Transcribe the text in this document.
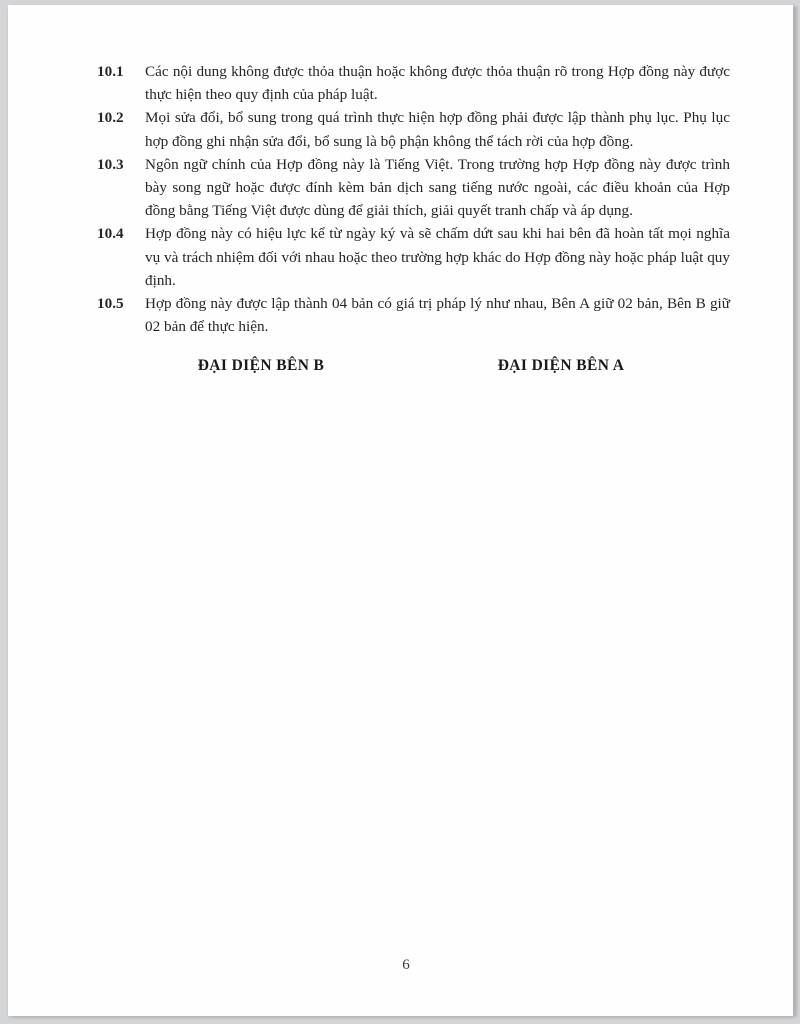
10.1	Các nội dung không được thỏa thuận hoặc không được thỏa thuận rõ trong Hợp đồng này được thực hiện theo quy định của pháp luật.
10.2	Mọi sửa đổi, bổ sung trong quá trình thực hiện hợp đồng phải được lập thành phụ lục. Phụ lục hợp đồng ghi nhận sửa đổi, bổ sung là bộ phận không thể tách rời của hợp đồng.
10.3	Ngôn ngữ chính của Hợp đồng này là Tiếng Việt. Trong trường hợp Hợp đồng này được trình bày song ngữ hoặc được đính kèm bản dịch sang tiếng nước ngoài, các điều khoản của Hợp đồng bằng Tiếng Việt được dùng để giải thích, giải quyết tranh chấp và áp dụng.
10.4	Hợp đồng này có hiệu lực kể từ ngày ký và sẽ chấm dứt sau khi hai bên đã hoàn tất mọi nghĩa vụ và trách nhiệm đối với nhau hoặc theo trường hợp khác do Hợp đồng này hoặc pháp luật quy định.
10.5	Hợp đồng này được lập thành 04 bản có giá trị pháp lý như nhau, Bên A giữ 02 bản, Bên B giữ 02 bản để thực hiện.
ĐẠI DIỆN BÊN B	ĐẠI DIỆN BÊN A
6
